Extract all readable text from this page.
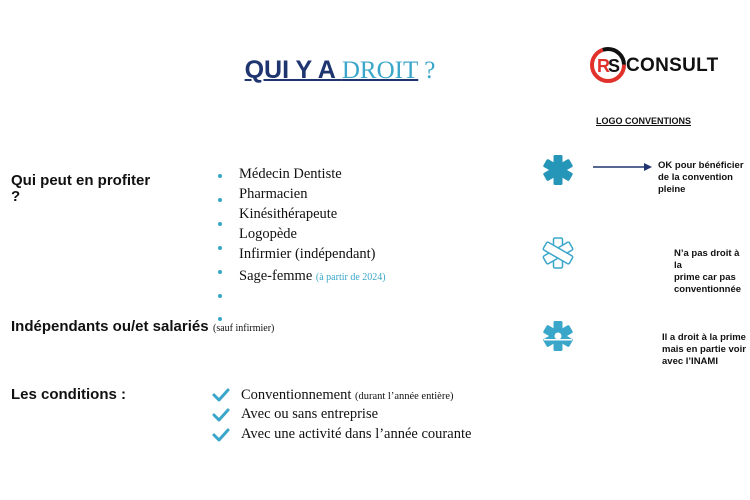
QUI Y A DROIT ?	R
S CONSULT
LOGO CONVENTIONS
Qui peut en profiter
?
Médecin Dentiste
Pharmacien
Kinésithérapeute
Logopède
Infirmier (indépendant)
Sage-femme (à partir de 2024)
Indépendants ou/et salariés (sauf infirmier)
Les conditions :	Conventionnement (durant l’année entière)
Avec ou sans entreprise
Avec une activité dans l’année courante
OK pour bénéficier
de la convention
pleine
N’a pas droit à la
prime car pas
conventionnée
Il a droit à la prime
mais en partie voir
avec l’INAMI
